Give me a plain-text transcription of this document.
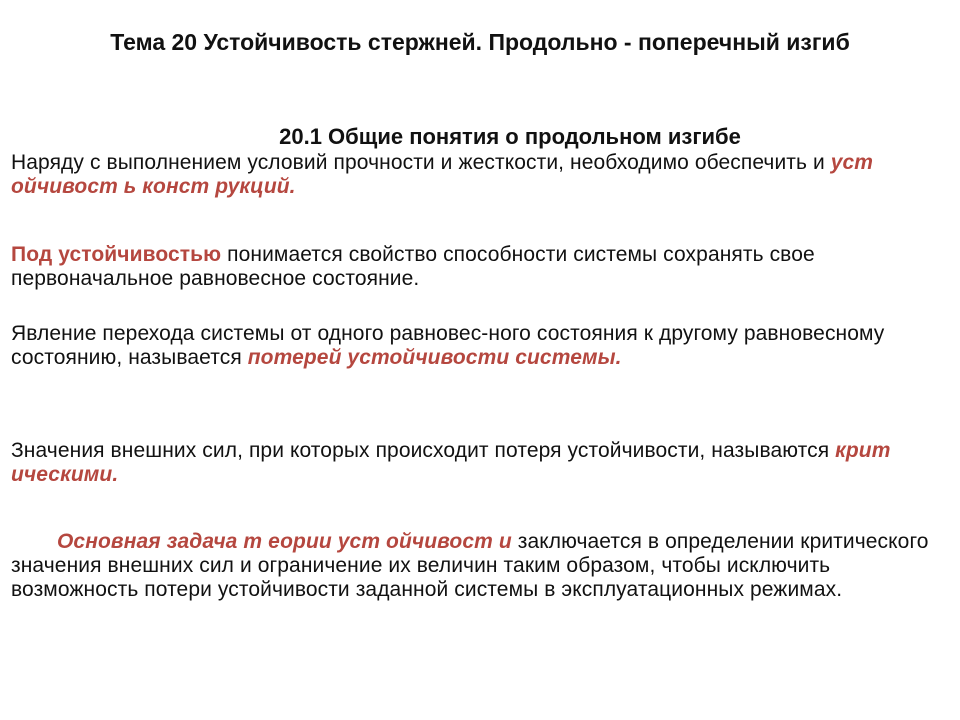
Тема 20 Устойчивость стержней. Продольно - поперечный изгиб
20.1 Общие понятия о продольном изгибе
Наряду с выполнением условий прочности и жесткости, необходимо обеспечить и уст ойчивост ь конст рукций.
Под устойчивостью понимается свойство способности системы сохранять свое первоначальное равновесное состояние.
Явление перехода системы от одного равновес-ного состояния к другому равновесному состоянию, называется потерей устойчивости системы.
Значения внешних сил, при которых происходит потеря устойчивости, называются крит ическими.
Основная задача т еории уст ойчивост и заключается в определении критического значения внешних сил и ограничение их величин таким образом, чтобы исключить возможность потери устойчивости заданной системы в эксплуатационных режимах.
